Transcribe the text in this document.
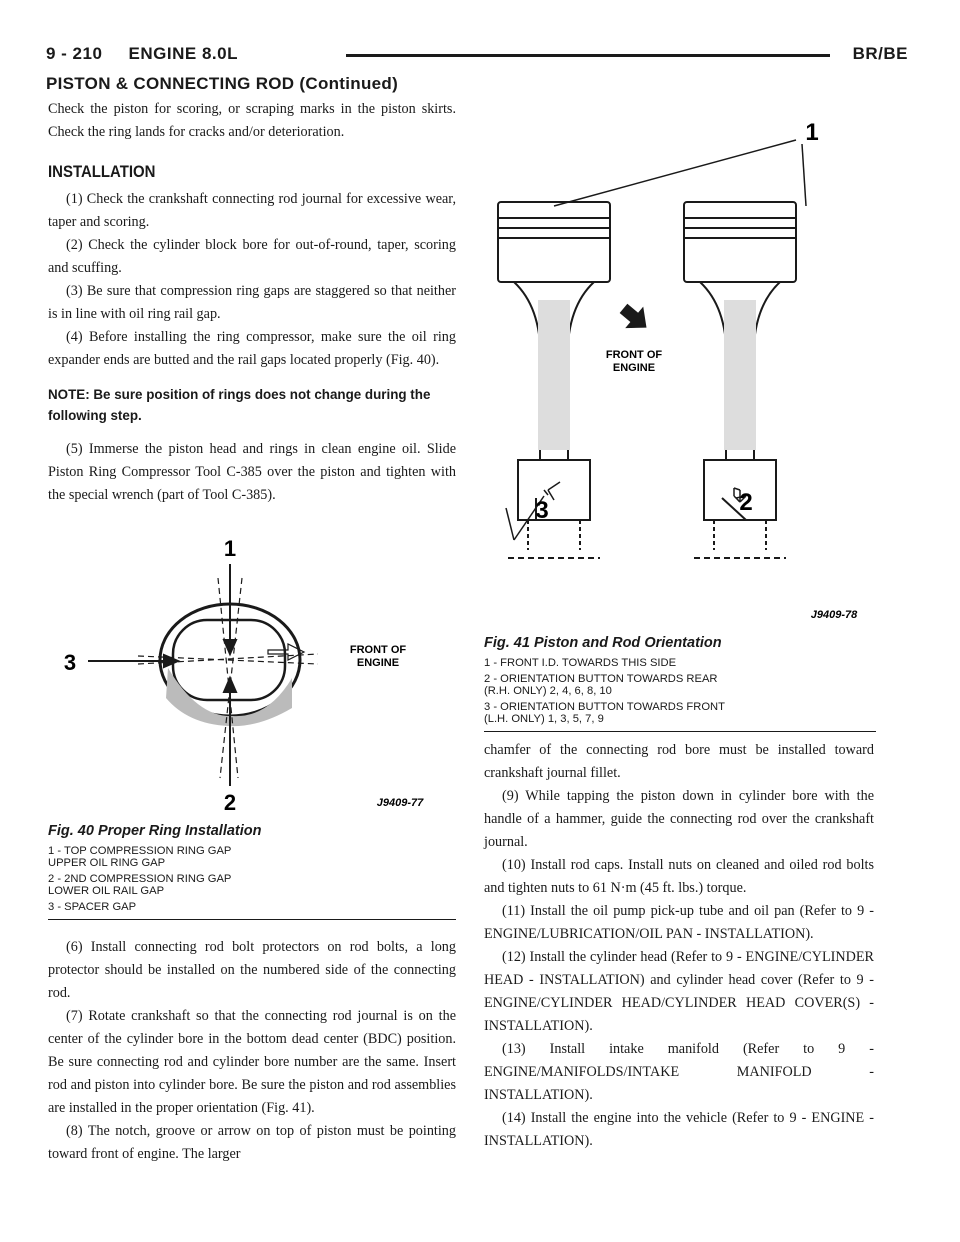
9 - 210     ENGINE 8.0L	BR/BE
PISTON & CONNECTING ROD (Continued)

Check the piston for scoring, or scraping marks in the piston skirts. Check the ring lands for cracks and/or deterioration.

INSTALLATION

(1) Check the crankshaft connecting rod journal for excessive wear, taper and scoring.

(2) Check the cylinder block bore for out-of-round, taper, scoring and scuffing.

(3) Be sure that compression ring gaps are staggered so that neither is in line with oil ring rail gap.

(4) Before installing the ring compressor, make sure the oil ring expander ends are butted and the rail gaps located properly (Fig. 40).

NOTE: Be sure position of rings does not change during the following step.

(5) Immerse the piston head and rings in clean engine oil. Slide Piston Ring Compressor Tool C-385 over the piston and tighten with the special wrench (part of Tool C-385).

1
2
3	FRONT OF
ENGINE
J9409-77
Fig. 40 Proper Ring Installation
1 - TOP COMPRESSION RING GAP
UPPER OIL RING GAP
2 - 2ND COMPRESSION RING GAP
LOWER OIL RAIL GAP
3 - SPACER GAP

(6) Install connecting rod bolt protectors on rod bolts, a long protector should be installed on the numbered side of the connecting rod.

(7) Rotate crankshaft so that the connecting rod journal is on the center of the cylinder bore in the bottom dead center (BDC) position. Be sure connecting rod and cylinder bore number are the same. Insert rod and piston into cylinder bore. Be sure the piston and rod assemblies are installed in the proper orientation (Fig. 41).

(8) The notch, groove or arrow on top of piston must be pointing toward front of engine. The larger

FRONT OF
ENGINE
1
2
3
J9409-78
Fig. 41 Piston and Rod Orientation
1 - FRONT I.D. TOWARDS THIS SIDE
2 - ORIENTATION BUTTON TOWARDS REAR
(R.H. ONLY) 2, 4, 6, 8, 10
3 - ORIENTATION BUTTON TOWARDS FRONT
(L.H. ONLY) 1, 3, 5, 7, 9

chamfer of the connecting rod bore must be installed toward crankshaft journal fillet.

(9) While tapping the piston down in cylinder bore with the handle of a hammer, guide the connecting rod over the crankshaft journal.

(10) Install rod caps. Install nuts on cleaned and oiled rod bolts and tighten nuts to 61 N·m (45 ft. lbs.) torque.

(11) Install the oil pump pick-up tube and oil pan (Refer to 9 - ENGINE/LUBRICATION/OIL PAN - INSTALLATION).

(12) Install the cylinder head (Refer to 9 - ENGINE/CYLINDER HEAD - INSTALLATION) and cylinder head cover (Refer to 9 - ENGINE/CYLINDER HEAD/CYLINDER HEAD COVER(S) - INSTALLATION).

(13) Install intake manifold (Refer to 9 - ENGINE/MANIFOLDS/INTAKE MANIFOLD - INSTALLATION).

(14) Install the engine into the vehicle (Refer to 9 - ENGINE - INSTALLATION).
